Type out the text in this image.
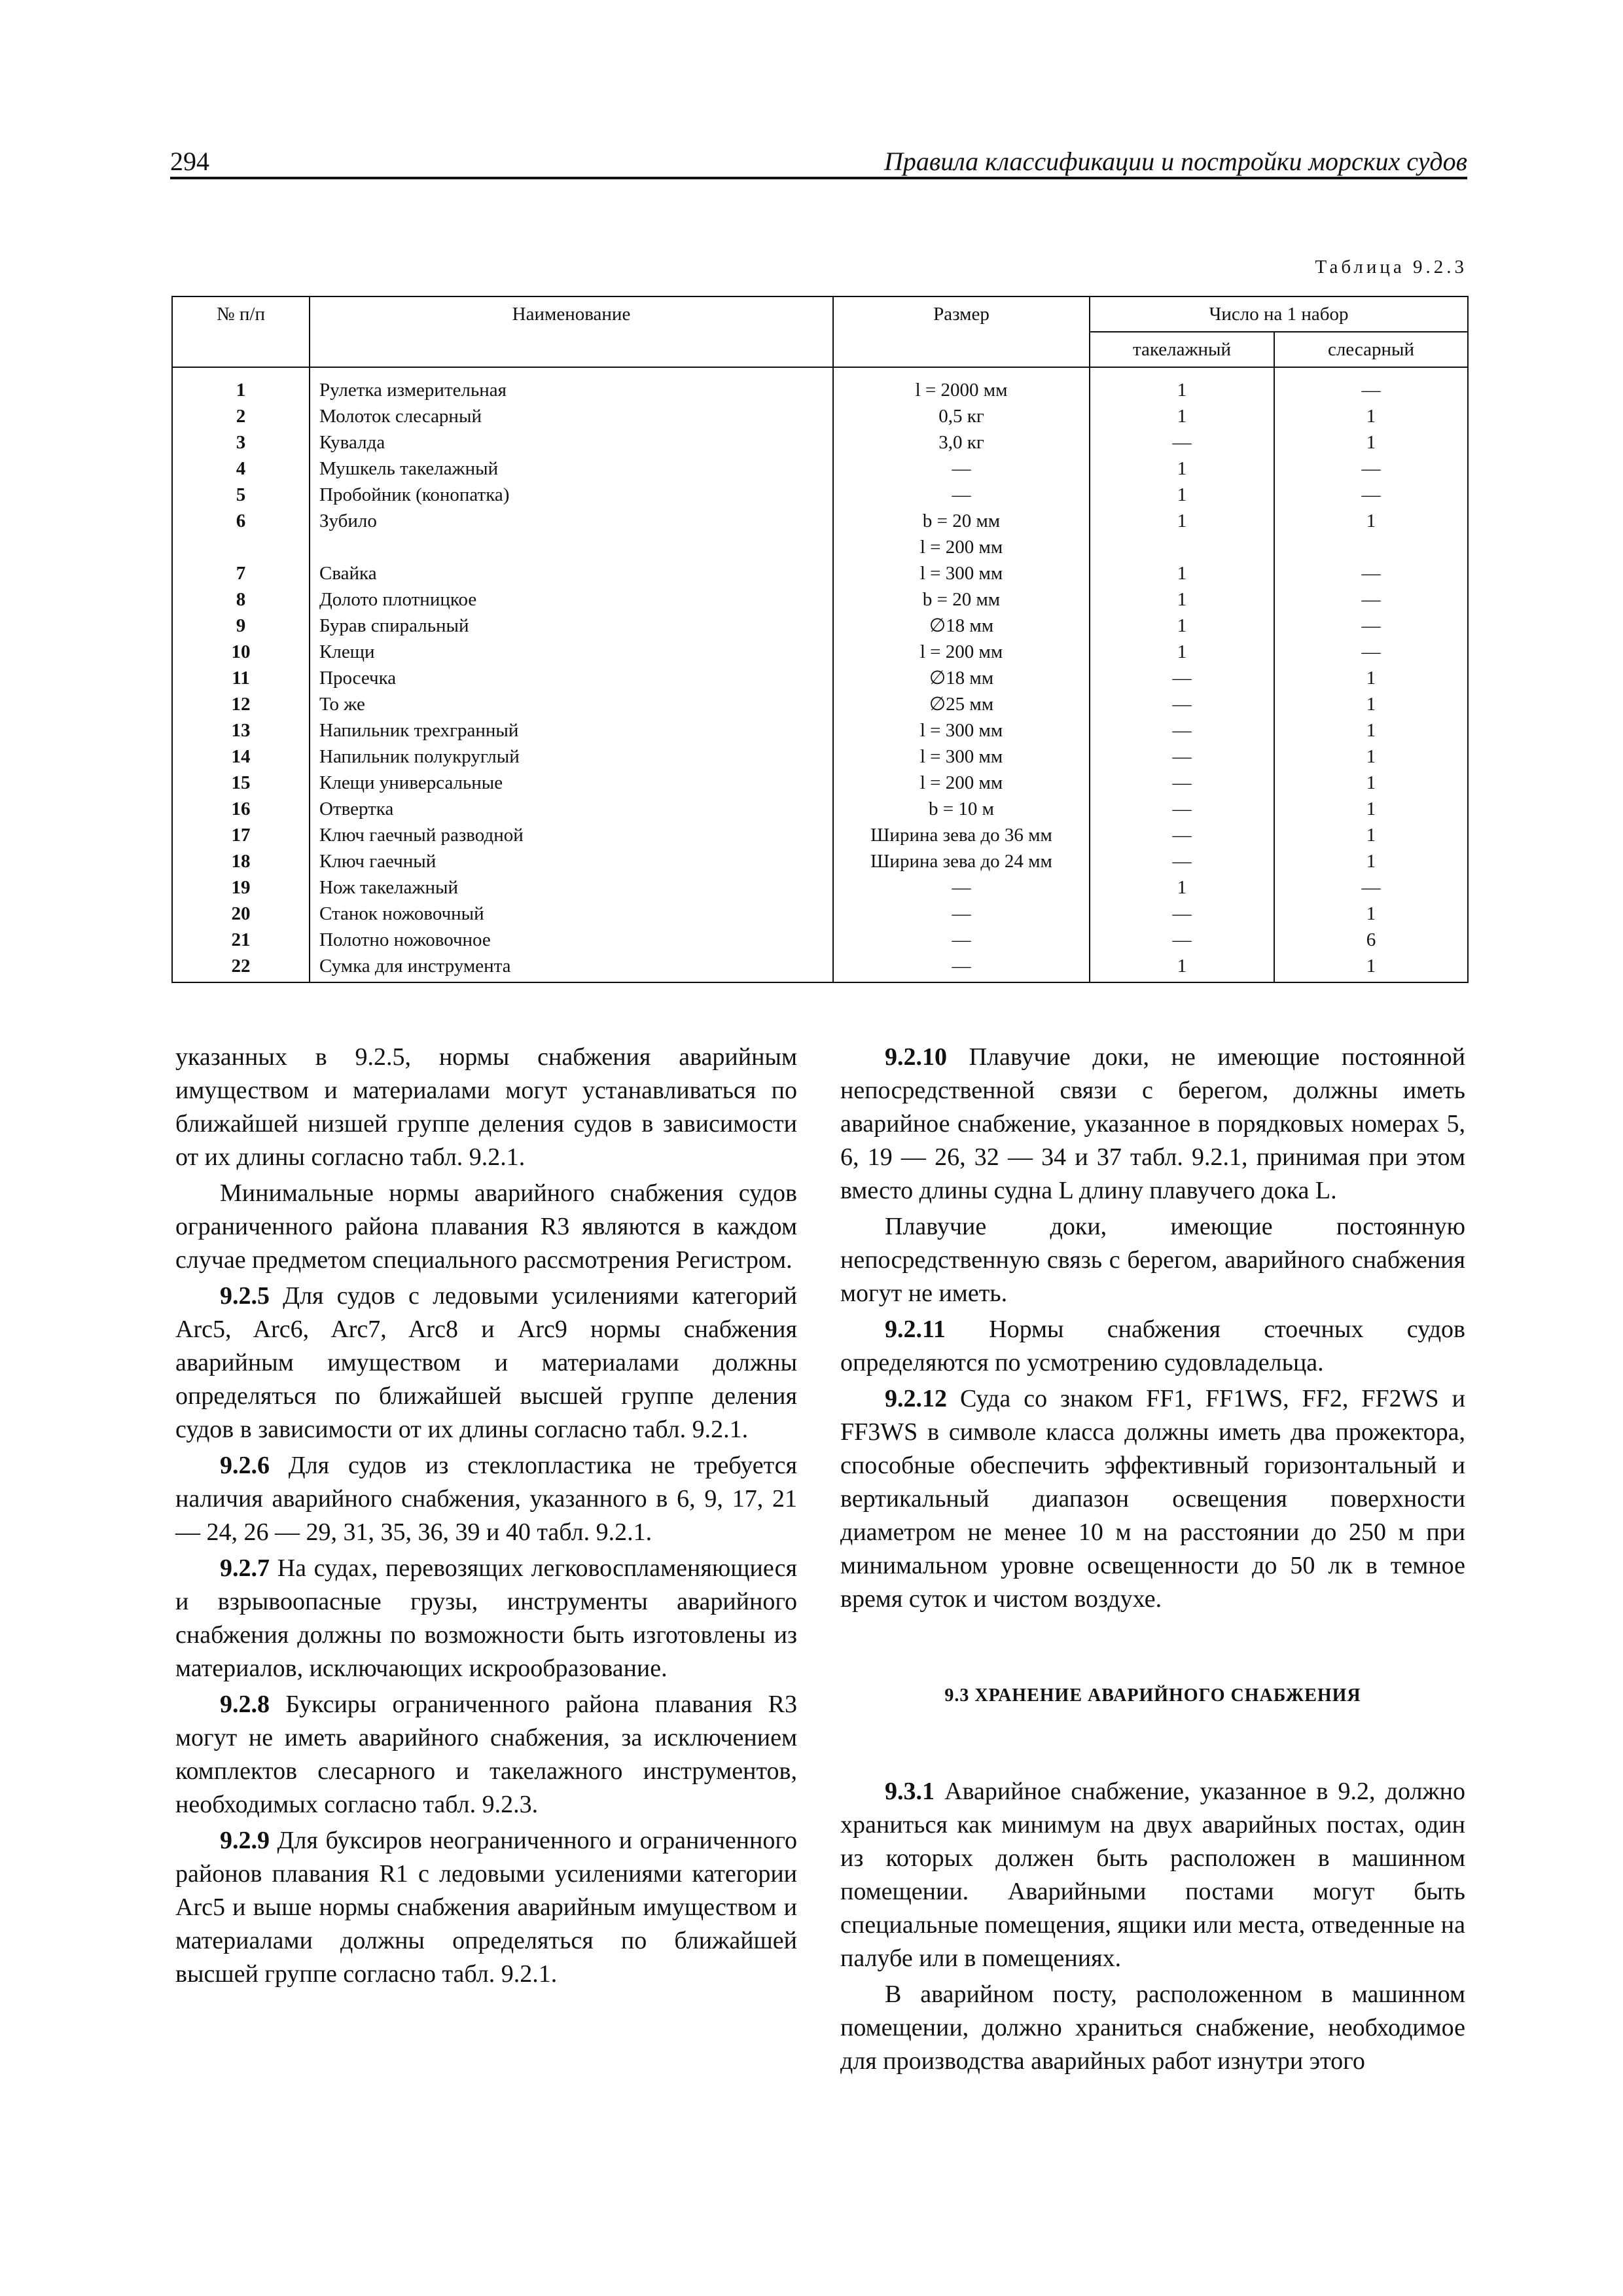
294	Правила классификации и постройки морских судов
Таблица 9.2.3
№ п/п	Наименование	Размер	Число на 1 набор	
			такелажный	слесарный
1	Рулетка измерительная	l = 2000 мм	1	—
2	Молоток слесарный	0,5 кг	1	1
3	Кувалда	3,0 кг	—	1
4	Мушкель такелажный	—	1	—
5	Пробойник (конопатка)	—	1	—
6	Зубило	b = 20 мм
l = 200 мм	1	1
7	Свайка	l = 300 мм	1	—
8	Долото плотницкое	b = 20 мм	1	—
9	Бурав спиральный	∅18 мм	1	—
10	Клещи	l = 200 мм	1	—
11	Просечка	∅18 мм	—	1
12	То же	∅25 мм	—	1
13	Напильник трехгранный	l = 300 мм	—	1
14	Напильник полукруглый	l = 300 мм	—	1
15	Клещи универсальные	l = 200 мм	—	1
16	Отвертка	b = 10 м	—	1
17	Ключ гаечный разводной	Ширина зева до 36 мм	—	1
18	Ключ гаечный	Ширина зева до 24 мм	—	1
19	Нож такелажный	—	1	—
20	Станок ножовочный	—	—	1
21	Полотно ножовочное	—	—	6
22	Сумка для инструмента	—	1	1

указанных в 9.2.5, нормы снабжения аварийным имуществом и материалами могут устанавливаться по ближайшей низшей группе деления судов в зависимости от их длины согласно табл. 9.2.1.

Минимальные нормы аварийного снабжения судов ограниченного района плавания R3 являются в каждом случае предметом специального рассмотрения Регистром.

9.2.5 Для судов с ледовыми усилениями категорий Arc5, Arc6, Arc7, Arc8 и Arc9 нормы снабжения аварийным имуществом и материалами должны определяться по ближайшей высшей группе деления судов в зависимости от их длины согласно табл. 9.2.1.

9.2.6 Для судов из стеклопластика не требуется наличия аварийного снабжения, указанного в 6, 9, 17, 21 — 24, 26 — 29, 31, 35, 36, 39 и 40 табл. 9.2.1.

9.2.7 На судах, перевозящих легковоспламеняющиеся и взрывоопасные грузы, инструменты аварийного снабжения должны по возможности быть изготовлены из материалов, исключающих искрообразование.

9.2.8 Буксиры ограниченного района плавания R3 могут не иметь аварийного снабжения, за исключением комплектов слесарного и такелажного инструментов, необходимых согласно табл. 9.2.3.

9.2.9 Для буксиров неограниченного и ограниченного районов плавания R1 с ледовыми усилениями категории Arc5 и выше нормы снабжения аварийным имуществом и материалами должны определяться по ближайшей высшей группе согласно табл. 9.2.1.

9.2.10 Плавучие доки, не имеющие постоянной непосредственной связи с берегом, должны иметь аварийное снабжение, указанное в порядковых номерах 5, 6, 19 — 26, 32 — 34 и 37 табл. 9.2.1, принимая при этом вместо длины судна L длину плавучего дока L.

Плавучие доки, имеющие постоянную непосредственную связь с берегом, аварийного снабжения могут не иметь.

9.2.11 Нормы снабжения стоечных судов определяются по усмотрению судовладельца.

9.2.12 Суда со знаком FF1, FF1WS, FF2, FF2WS и FF3WS в символе класса должны иметь два прожектора, способные обеспечить эффективный горизонтальный и вертикальный диапазон освещения поверхности диаметром не менее 10 м на расстоянии до 250 м при минимальном уровне освещенности до 50 лк в темное время суток и чистом воздухе.

9.3 ХРАНЕНИЕ АВАРИЙНОГО СНАБЖЕНИЯ

9.3.1 Аварийное снабжение, указанное в 9.2, должно храниться как минимум на двух аварийных постах, один из которых должен быть расположен в машинном помещении. Аварийными постами могут быть специальные помещения, ящики или места, отведенные на палубе или в помещениях.

В аварийном посту, расположенном в машинном помещении, должно храниться снабжение, необходимое для производства аварийных работ изнутри этого
